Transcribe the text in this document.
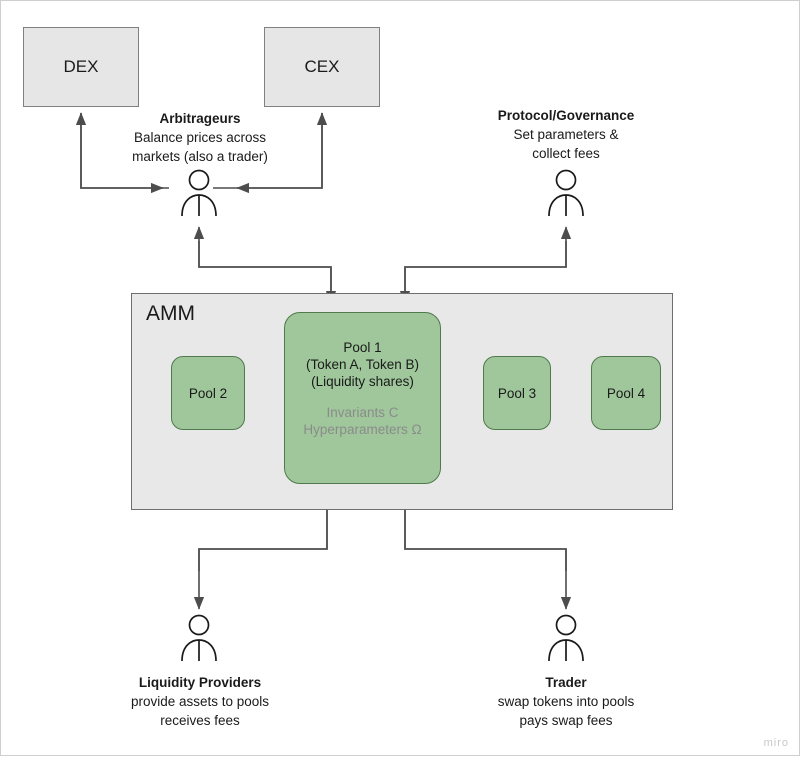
DEX	CEX
AMM
Pool 1
(Token A, Token B)
(Liquidity shares)
Invariants C
Hyperparameters Ω
Pool 2	Pool 3	Pool 4
Arbitrageurs
Balance prices across
markets (also a trader)
Protocol/Governance
Set parameters &
collect fees
Liquidity Providers
provide assets to pools
receives fees
Trader
swap tokens into pools
pays swap fees
miro
